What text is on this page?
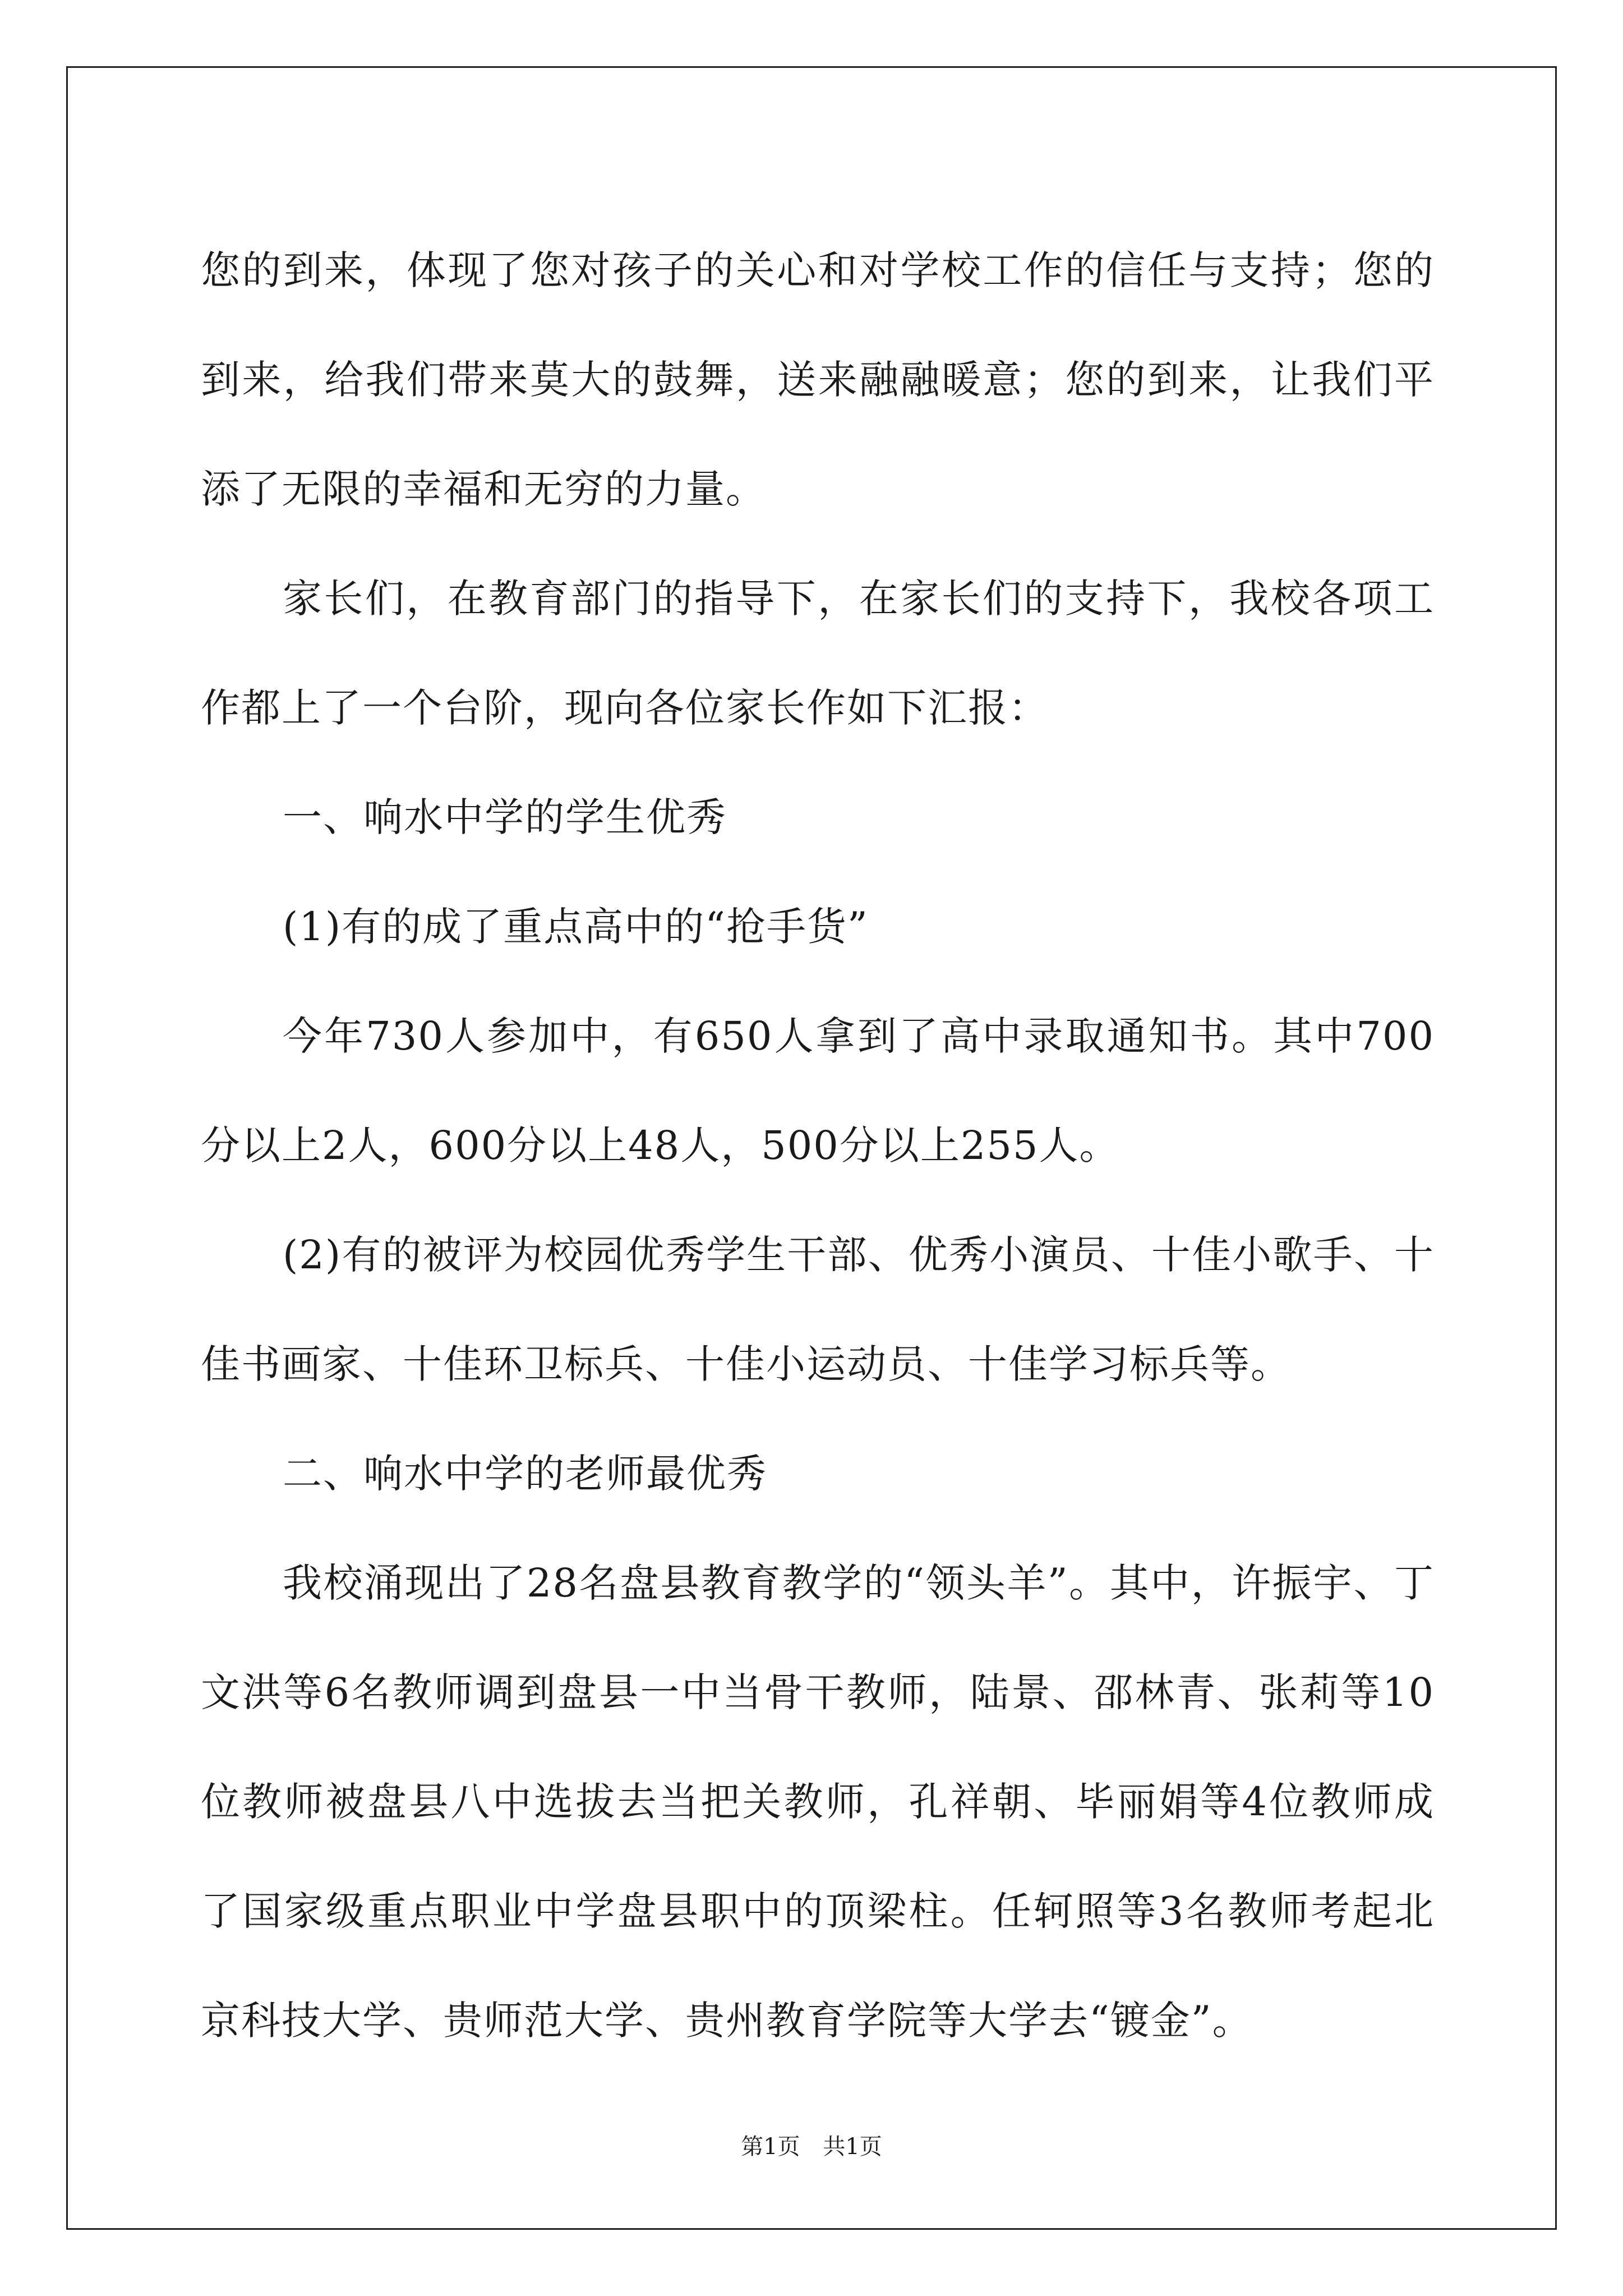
您的到来，体现了您对孩子的关心和对学校工作的信任与支持；您的到来，给我们带来莫大的鼓舞，送来融融暖意；您的到来，让我们平添了无限的幸福和无穷的力量。

家长们，在教育部门的指导下，在家长们的支持下，我校各项工作都上了一个台阶，现向各位家长作如下汇报：

一、响水中学的学生优秀

(1)有的成了重点高中的“抢手货”

今年730人参加中，有650人拿到了高中录取通知书。其中700分以上2人，600分以上48人，500分以上255人。

(2)有的被评为校园优秀学生干部、优秀小演员、十佳小歌手、十佳书画家、十佳环卫标兵、十佳小运动员、十佳学习标兵等。

二、响水中学的老师最优秀

我校涌现出了28名盘县教育教学的“领头羊”。其中，许振宇、丁文洪等6名教师调到盘县一中当骨干教师，陆景、邵林青、张莉等10位教师被盘县八中选拔去当把关教师，孔祥朝、毕丽娟等4位教师成了国家级重点职业中学盘县职中的顶梁柱。任轲照等3名教师考起北京科技大学、贵师范大学、贵州教育学院等大学去“镀金”。

第1页 共1页
